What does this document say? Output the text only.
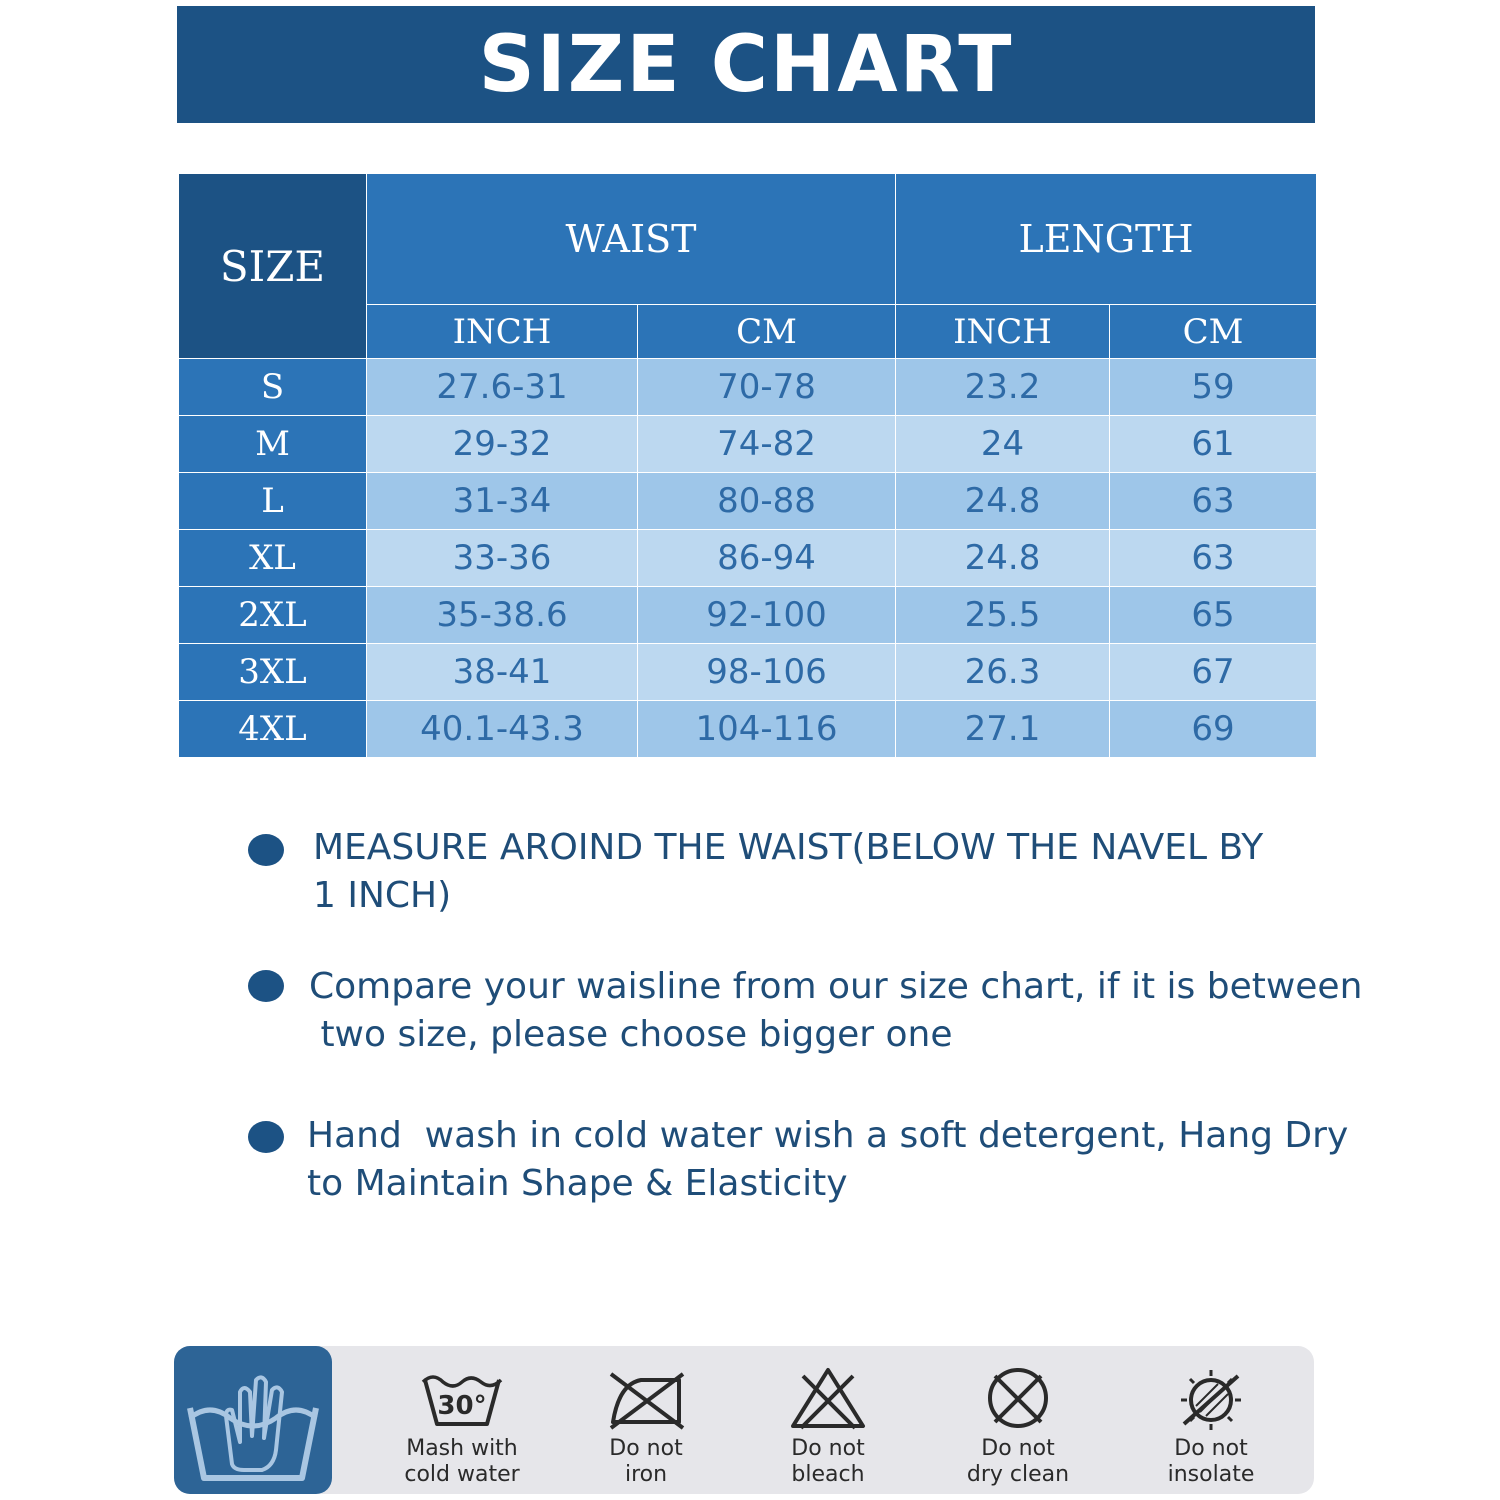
SIZE CHART
SIZE	WAIST		LENGTH	
	INCH	CM	INCH	CM
S	27.6-31	70-78	23.2	59
M	29-32	74-82	24	61
L	31-34	80-88	24.8	63
XL	33-36	86-94	24.8	63
2XL	35-38.6	92-100	25.5	65
3XL	38-41	98-106	26.3	67
4XL	40.1-43.3	104-116	27.1	69
MEASURE AROIND THE WAIST(BELOW THE NAVEL BY
1 INCH)
Compare your waisline from our size chart, if it is between
two size, please choose bigger one
Hand  wash in cold water wish a soft detergent, Hang Dry
to Maintain Shape & Elasticity
30°
Mash with
cold water
Do not
iron
Do not
bleach
Do not
dry clean
Do not
insolate
